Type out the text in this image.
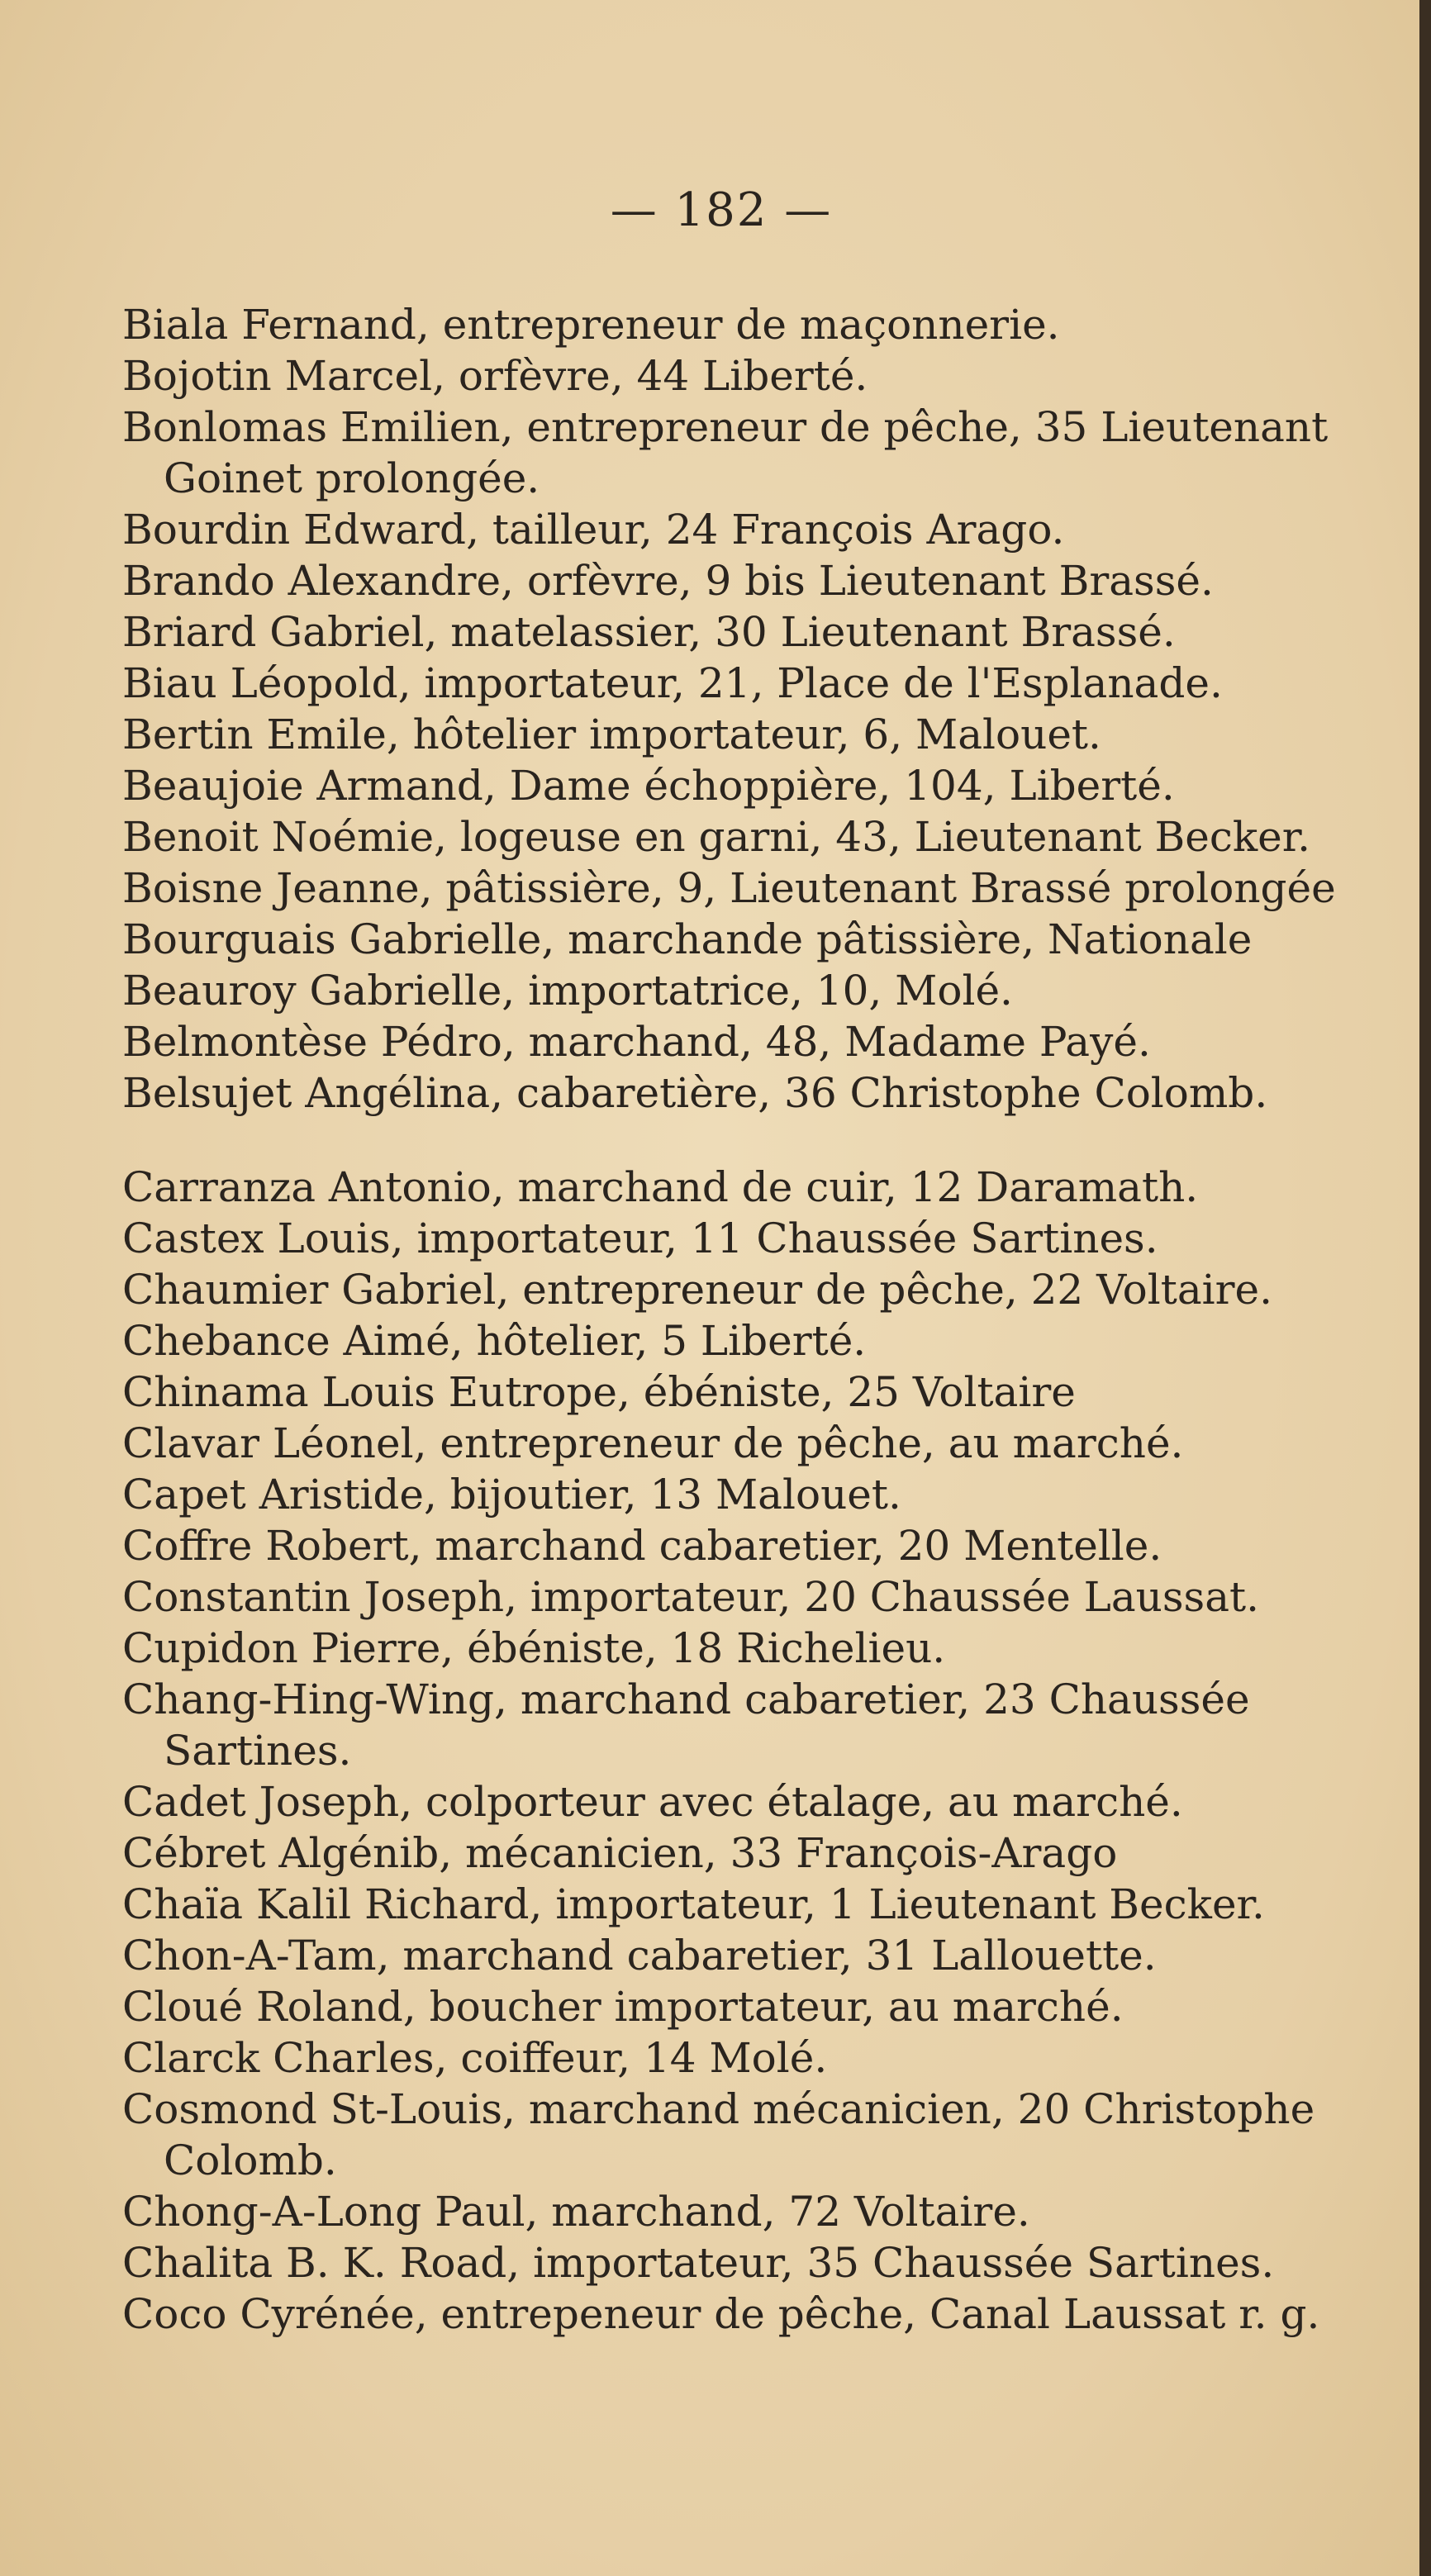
— 182 —
Biala Fernand, entrepreneur de maçonnerie.
Bojotin Marcel, orfèvre, 44 Liberté.
Bonlomas Emilien, entrepreneur de pêche, 35 Lieutenant Goinet prolongée.
Bourdin Edward, tailleur, 24 François Arago.
Brando Alexandre, orfèvre, 9 bis Lieutenant Brassé.
Briard Gabriel, matelassier, 30 Lieutenant Brassé.
Biau Léopold, importateur, 21, Place de l'Esplanade.
Bertin Emile, hôtelier importateur, 6, Malouet.
Beaujoie Armand, Dame échoppière, 104, Liberté.
Benoit Noémie, logeuse en garni, 43, Lieutenant Becker.
Boisne Jeanne, pâtissière, 9, Lieutenant Brassé prolongée
Bourguais Gabrielle, marchande pâtissière, Nationale
Beauroy Gabrielle, importatrice, 10, Molé.
Belmontèse Pédro, marchand, 48, Madame Payé.
Belsujet Angélina, cabaretière, 36 Christophe Colomb.
Carranza Antonio, marchand de cuir, 12 Daramath.
Castex Louis, importateur, 11 Chaussée Sartines.
Chaumier Gabriel, entrepreneur de pêche, 22 Voltaire.
Chebance Aimé, hôtelier, 5 Liberté.
Chinama Louis Eutrope, ébéniste, 25 Voltaire
Clavar Léonel, entrepreneur de pêche, au marché.
Capet Aristide, bijoutier, 13 Malouet.
Coffre Robert, marchand cabaretier, 20 Mentelle.
Constantin Joseph, importateur, 20 Chaussée Laussat.
Cupidon Pierre, ébéniste, 18 Richelieu.
Chang-Hing-Wing, marchand cabaretier, 23 Chaussée Sartines.
Cadet Joseph, colporteur avec étalage, au marché.
Cébret Algénib, mécanicien, 33 François-Arago
Chaïa Kalil Richard, importateur, 1 Lieutenant Becker.
Chon-A-Tam, marchand cabaretier, 31 Lallouette.
Cloué Roland, boucher importateur, au marché.
Clarck Charles, coiffeur, 14 Molé.
Cosmond St-Louis, marchand mécanicien, 20 Christophe Colomb.
Chong-A-Long Paul, marchand, 72 Voltaire.
Chalita B. K. Road, importateur, 35 Chaussée Sartines.
Coco Cyrénée, entrepeneur de pêche, Canal Laussat r. g.
